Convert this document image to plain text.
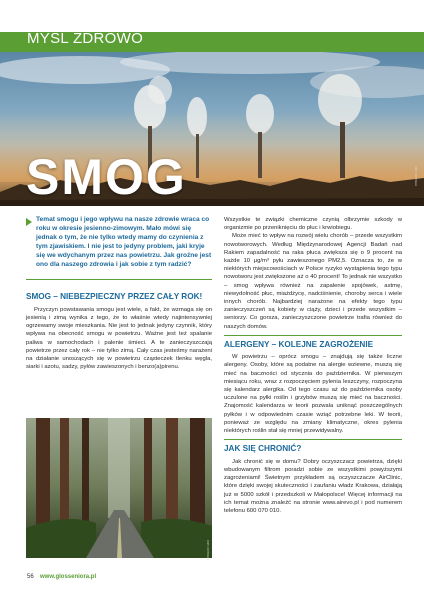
MYŚL ZDROWO
SMOG	FOT. FOTOLIA
Temat smogu i jego wpływu na nasze zdrowie wraca co roku w okresie jesienno-zimowym. Mało mówi się jednak o tym, że nie tylko wtedy mamy do czynienia z tym zjawiskiem. I nie jest to jedyny problem, jaki kryje się we wdychanym przez nas powietrzu. Jak groźne jest ono dla naszego zdrowia i jak sobie z tym radzić?
SMOG – NIEBEZPIECZNY PRZEZ CAŁY ROK!

Przyczyn powstawania smogu jest wiele, a fakt, że wzmaga się on jesienią i zimą wynika z tego, że to właśnie wtedy najintensywniej ogrzewamy swoje mieszkania. Nie jest to jednak jedyny czynnik, który wpływa na obecność smogu w powietrzu. Ważne jest też spalanie paliwa w samochodach i palenie śmieci. A te zanieczyszczają powietrze przez cały rok – nie tylko zimą. Cały czas jesteśmy narażeni na działanie unoszących się w powietrzu cząsteczek tlenku węgla, siarki i azotu, sadzy, pyłów zawieszonych i benzo(a)pirenu.

FOT. FOTOLIA

Wszystkie te związki chemiczne czynią olbrzymie szkody w organizmie po przeniknięciu do płuc i krwiobiegu.

Może mieć to wpływ na rozwój wielu chorób – przede wszystkim nowotworowych. Według Międzynarodowej Agencji Badań nad Rakiem zapadalność na raka płuca zwiększa się o 9 procent na każde 10 μg/m³ pyłu zawieszonego PM2,5. Oznacza to, że w niektórych miejscowościach w Polsce ryzyko wystąpienia tego typu nowotworu jest zwiększone aż o 40 procent! To jednak nie wszystko – smog wpływa również na zapalenie spojówek, astmę, niewydolność płuc, miażdżycę, nadciśnienie, choroby serca i wiele innych chorób. Najbardziej narażone na efekty tego typu zanieczyszczeń są kobiety w ciąży, dzieci i przede wszystkim – seniorzy. Co gorsza, zanieczyszczone powietrze trafia również do naszych domów.

ALERGENY – KOLEJNE ZAGROŻENIE

W powietrzu – oprócz smogu – znajdują się także liczne alergeny. Osoby, które są podatne na alergie wziewne, muszą się mieć na baczności od stycznia do października. W pierwszym miesiącu roku, wraz z rozpoczęciem pylenia leszczyny, rozpoczyna się kalendarz alergika. Od tego czasu aż do października osoby uczulone na pyłki roślin i grzybów muszą się mieć na baczności. Znajomość kalendarza w teorii pozwala uniknąć poszczególnych pyłków i w odpowiednim czasie wziąć potrzebne leki. W teorii, ponieważ ze względu na zmiany klimatyczne, okres pylenia niektórych roślin stał się mniej przewidywalny.

JAK SIĘ CHRONIĆ?

Jak chronić się w domu? Dobry oczyszczacz powietrza, dzięki wbudowanym filtrom poradzi sobie ze wszystkimi powyższymi zagrożeniami! Świetnym przykładem są oczyszczacze AirClinic, które dzięki swojej skuteczności i zaufaniu władz Krakowa, działają już w 5000 szkół i przedszkoli w Małopolsce! Więcej informacji na ich temat można znaleźć na stronie www.airevo.pl i pod numerem telefonu 600 070 010.

56 www.glosseniora.pl
